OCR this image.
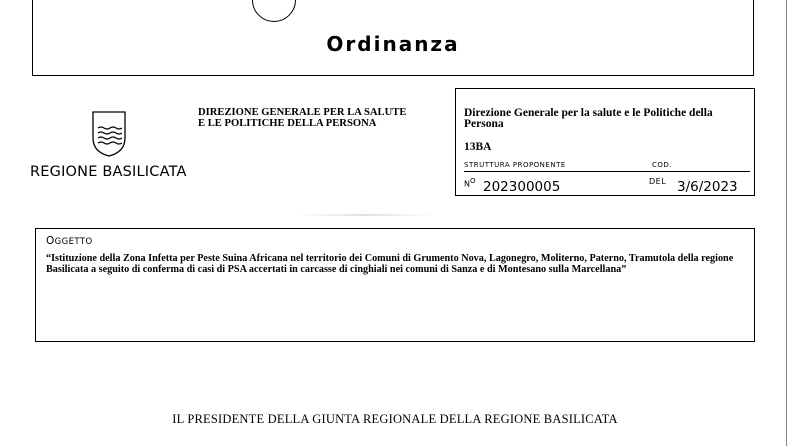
Ordinanza
REGIONE BASILICATA
DIREZIONE GENERALE PER LA SALUTE E LE POLITICHE DELLA PERSONA
Direzione Generale per la salute e le Politiche della Persona
13BA
STRUTTURA PROPONENTE	COD.
$N^O$ 202300005	DEL 3/6/2023
OGGETTO
“Istituzione della Zona Infetta per Peste Suina Africana nel territorio dei Comuni di Grumento Nova, Lagonegro, Moliterno, Paterno, Tramutola della regione Basilicata a seguito di conferma di casi di PSA accertati in carcasse di cinghiali nei comuni di Sanza e di Montesano sulla Marcellana”
IL PRESIDENTE DELLA GIUNTA REGIONALE DELLA REGIONE BASILICATA
